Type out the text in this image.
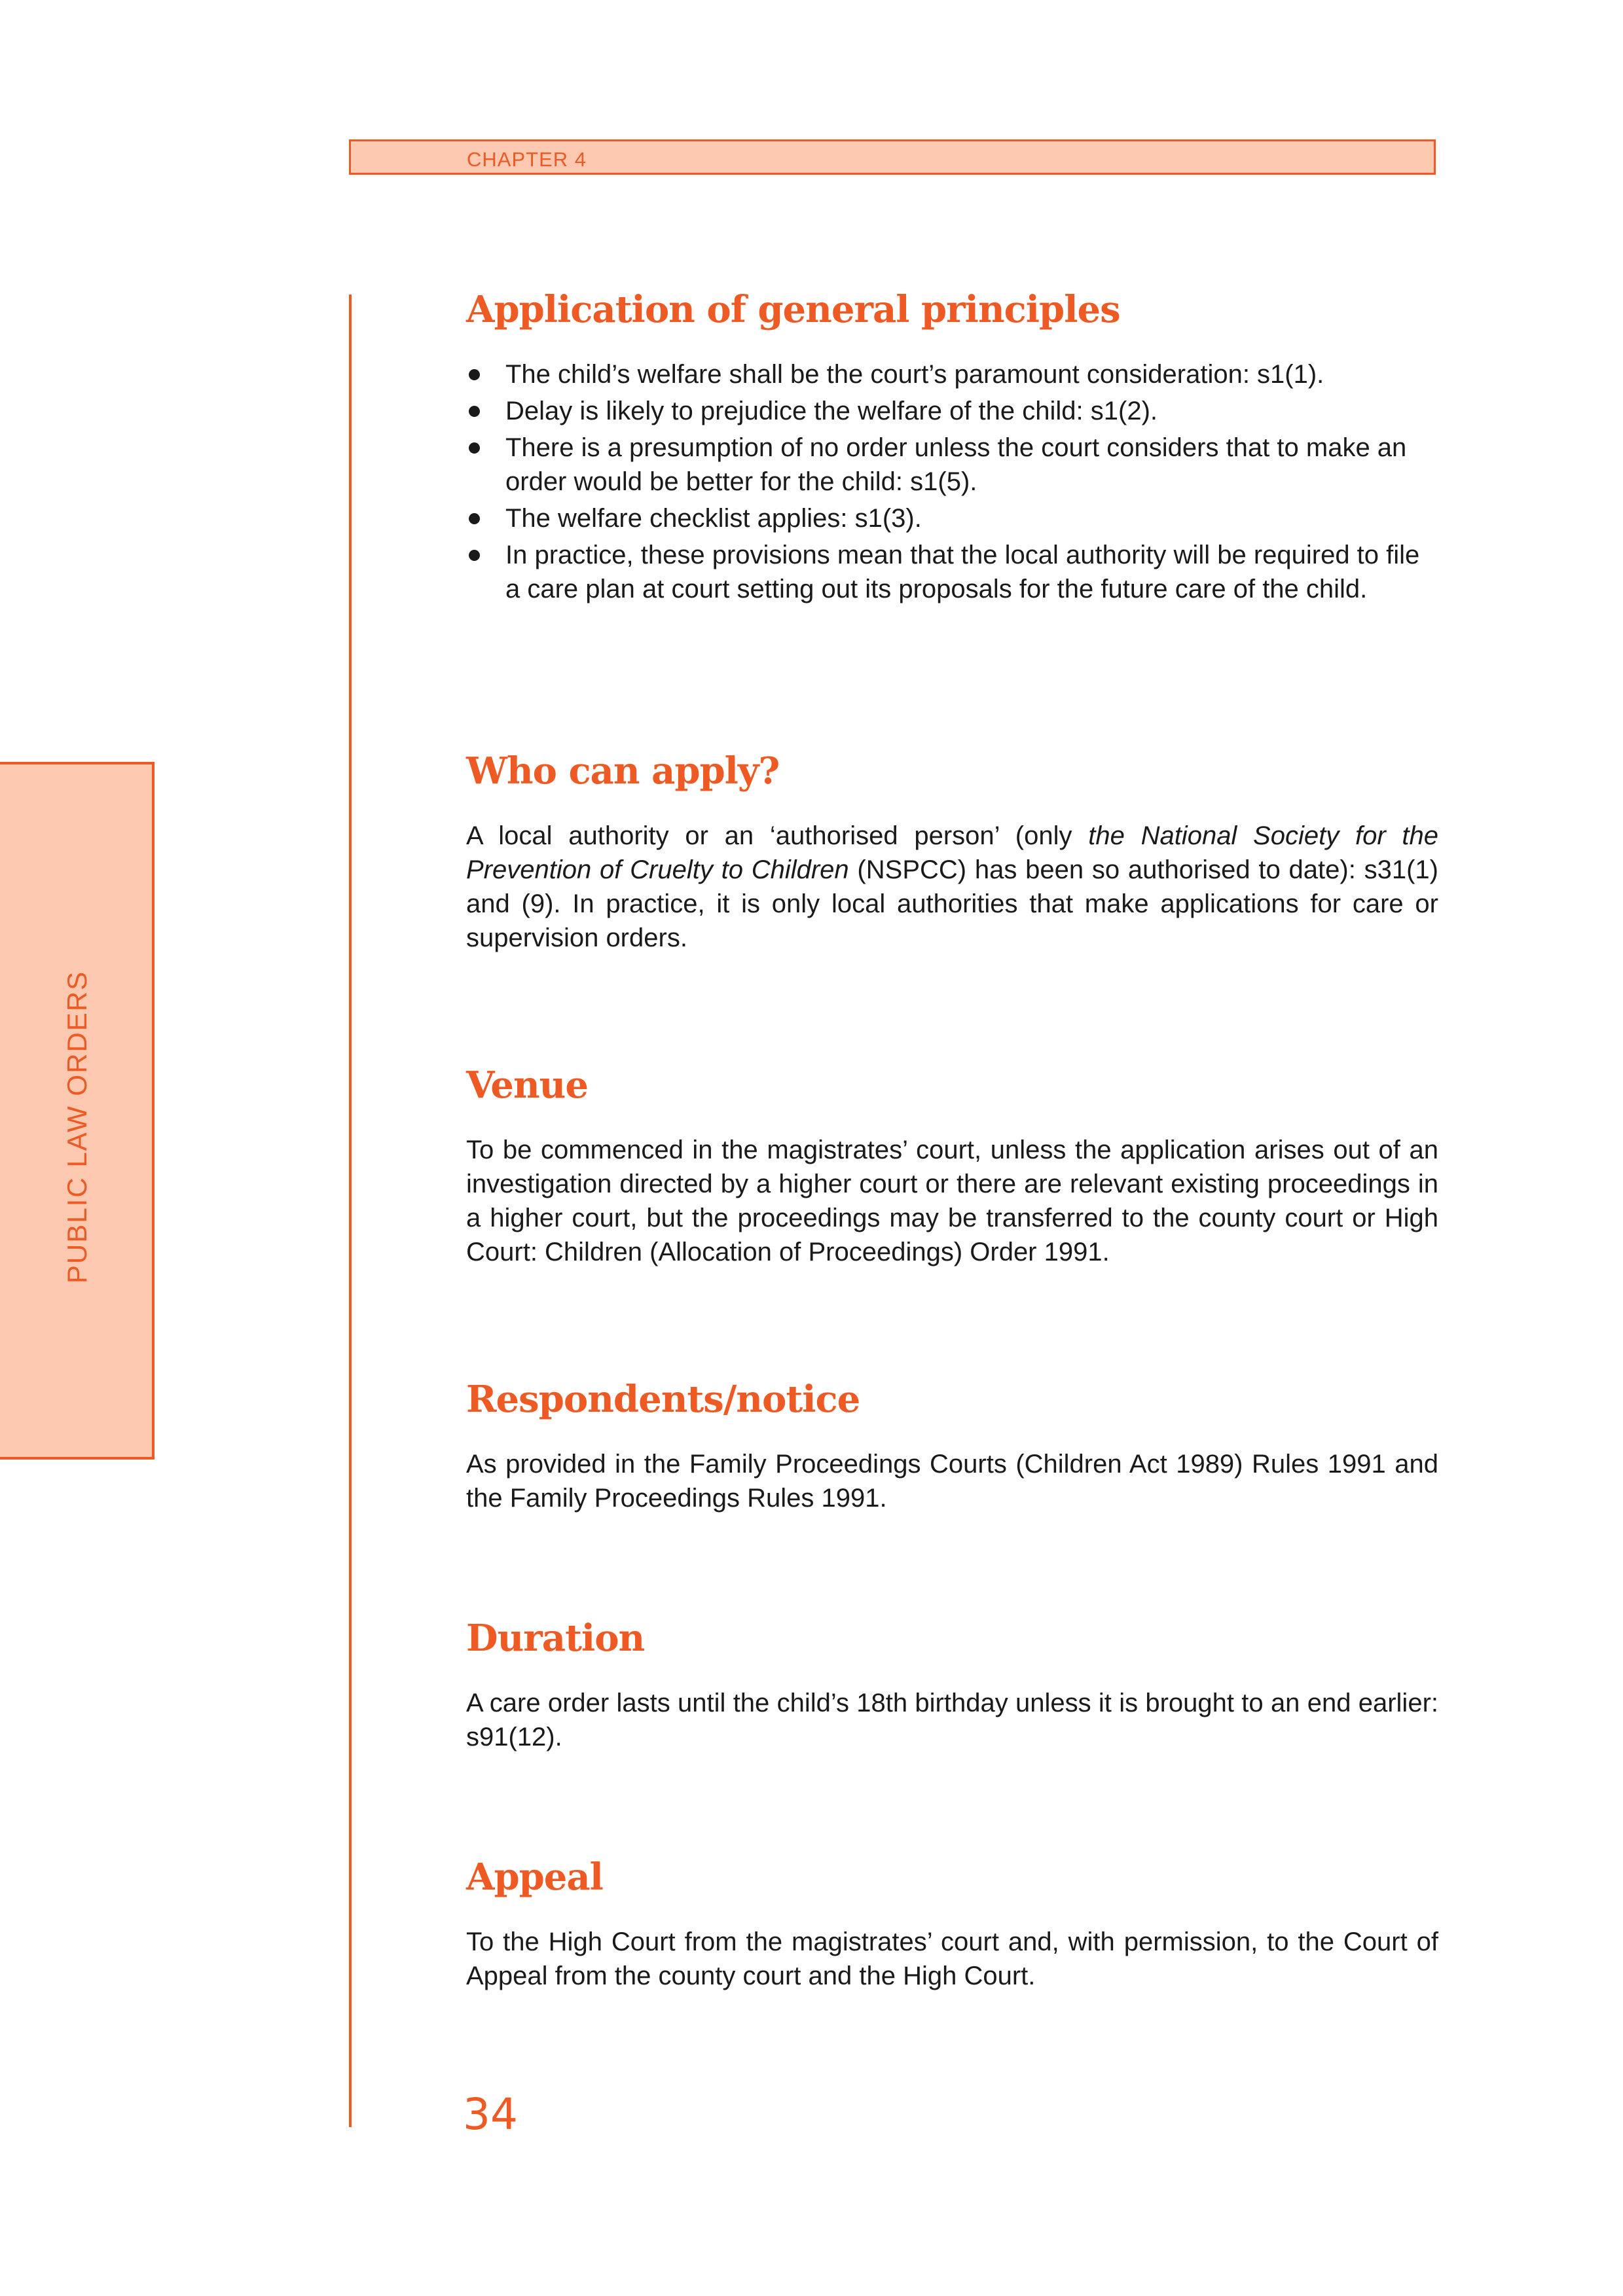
CHAPTER 4
PUBLIC LAW ORDERS
Application of general principles
The child’s welfare shall be the court’s paramount consideration: s1(1).
Delay is likely to prejudice the welfare of the child: s1(2).
There is a presumption of no order unless the court considers that to make an order would be better for the child: s1(5).
The welfare checklist applies: s1(3).
In practice, these provisions mean that the local authority will be required to file a care plan at court setting out its proposals for the future care of the child.
Who can apply?

A local authority or an ‘authorised person’ (only the National Society for the Prevention of Cruelty to Children (NSPCC) has been so authorised to date): s31(1) and (9). In practice, it is only local authorities that make applications for care or supervision orders.

Venue

To be commenced in the magistrates’ court, unless the application arises out of an investigation directed by a higher court or there are relevant existing proceedings in a higher court, but the proceedings may be transferred to the county court or High Court: Children (Allocation of Proceedings) Order 1991.

Respondents/notice

As provided in the Family Proceedings Courts (Children Act 1989) Rules 1991 and the Family Proceedings Rules 1991.

Duration

A care order lasts until the child’s 18th birthday unless it is brought to an end earlier: s91(12).

Appeal

To the High Court from the magistrates’ court and, with permission, to the Court of Appeal from the county court and the High Court.

34
